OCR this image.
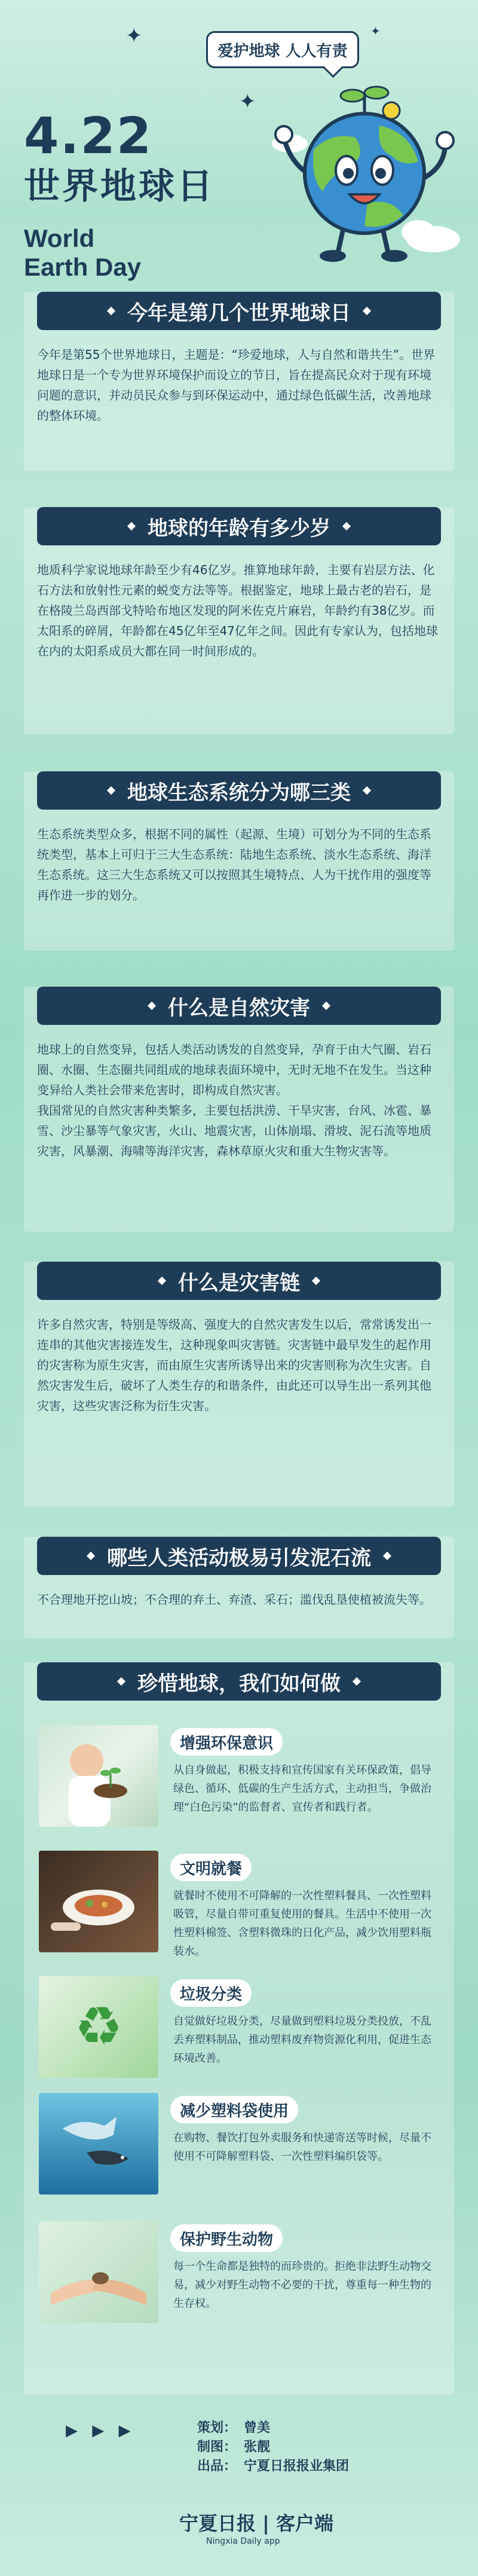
爱护地球 人人有责
✦	✦
✦
4.22
世界地球日
World
Earth Day
今年是第几个世界地球日

今年是第55个世界地球日，主题是：“珍爱地球，人与自然和谐共生”。世界地球日是一个专为世界环境保护而设立的节日，旨在提高民众对于现有环境问题的意识，并动员民众参与到环保运动中，通过绿色低碳生活，改善地球的整体环境。

地球的年龄有多少岁

地质科学家说地球年龄至少有46亿岁。推算地球年龄，主要有岩层方法、化石方法和放射性元素的蜕变方法等等。根据鉴定，地球上最古老的岩石，是在格陵兰岛西部戈特哈布地区发现的阿米佐克片麻岩，年龄约有38亿岁。而太阳系的碎屑，年龄都在45亿年至47亿年之间。因此有专家认为，包括地球在内的太阳系成员大都在同一时间形成的。

地球生态系统分为哪三类

生态系统类型众多，根据不同的属性（起源、生境）可划分为不同的生态系统类型，基本上可归于三大生态系统：陆地生态系统、淡水生态系统、海洋生态系统。这三大生态系统又可以按照其生境特点、人为干扰作用的强度等再作进一步的划分。

什么是自然灾害

地球上的自然变异，包括人类活动诱发的自然变异，孕育于由大气圈、岩石圈、水圈、生态圈共同组成的地球表面环境中，无时无地不在发生。当这种变异给人类社会带来危害时，即构成自然灾害。

我国常见的自然灾害种类繁多，主要包括洪涝、干旱灾害，台风、冰雹、暴雪、沙尘暴等气象灾害，火山、地震灾害，山体崩塌、滑坡、泥石流等地质灾害，风暴潮、海啸等海洋灾害，森林草原火灾和重大生物灾害等。

什么是灾害链

许多自然灾害，特别是等级高、强度大的自然灾害发生以后，常常诱发出一连串的其他灾害接连发生，这种现象叫灾害链。灾害链中最早发生的起作用的灾害称为原生灾害，而由原生灾害所诱导出来的灾害则称为次生灾害。自然灾害发生后，破坏了人类生存的和谐条件，由此还可以导生出一系列其他灾害，这些灾害泛称为衍生灾害。

哪些人类活动极易引发泥石流

不合理地开挖山坡；不合理的弃土、弃渣、采石；滥伐乱垦使植被流失等。

珍惜地球，我们如何做
增强环保意识
从自身做起，积极支持和宣传国家有关环保政策，倡导绿色、循环、低碳的生产生活方式，主动担当，争做治理“白色污染”的监督者、宣传者和践行者。
文明就餐
就餐时不使用不可降解的一次性塑料餐具、一次性塑料吸管，尽量自带可重复使用的餐具。生活中不使用一次性塑料棉签、含塑料微珠的日化产品，减少饮用塑料瓶装水。
♻
垃圾分类
自觉做好垃圾分类，尽量做到塑料垃圾分类投放，不乱丢弃塑料制品，推动塑料废弃物资源化利用，促进生态环境改善。
减少塑料袋使用
在购物、餐饮打包外卖服务和快递寄送等时候，尽量不使用不可降解塑料袋、一次性塑料编织袋等。
保护野生动物
每一个生命都是独特的而珍贵的。拒绝非法野生动物交易，减少对野生动物不必要的干扰，尊重每一种生物的生存权。
▶ ▶ ▶	策划： 曾美
制图： 张靓
出品： 宁夏日报报业集团
宁夏日报 | 客户端
Ningxia Daily app
